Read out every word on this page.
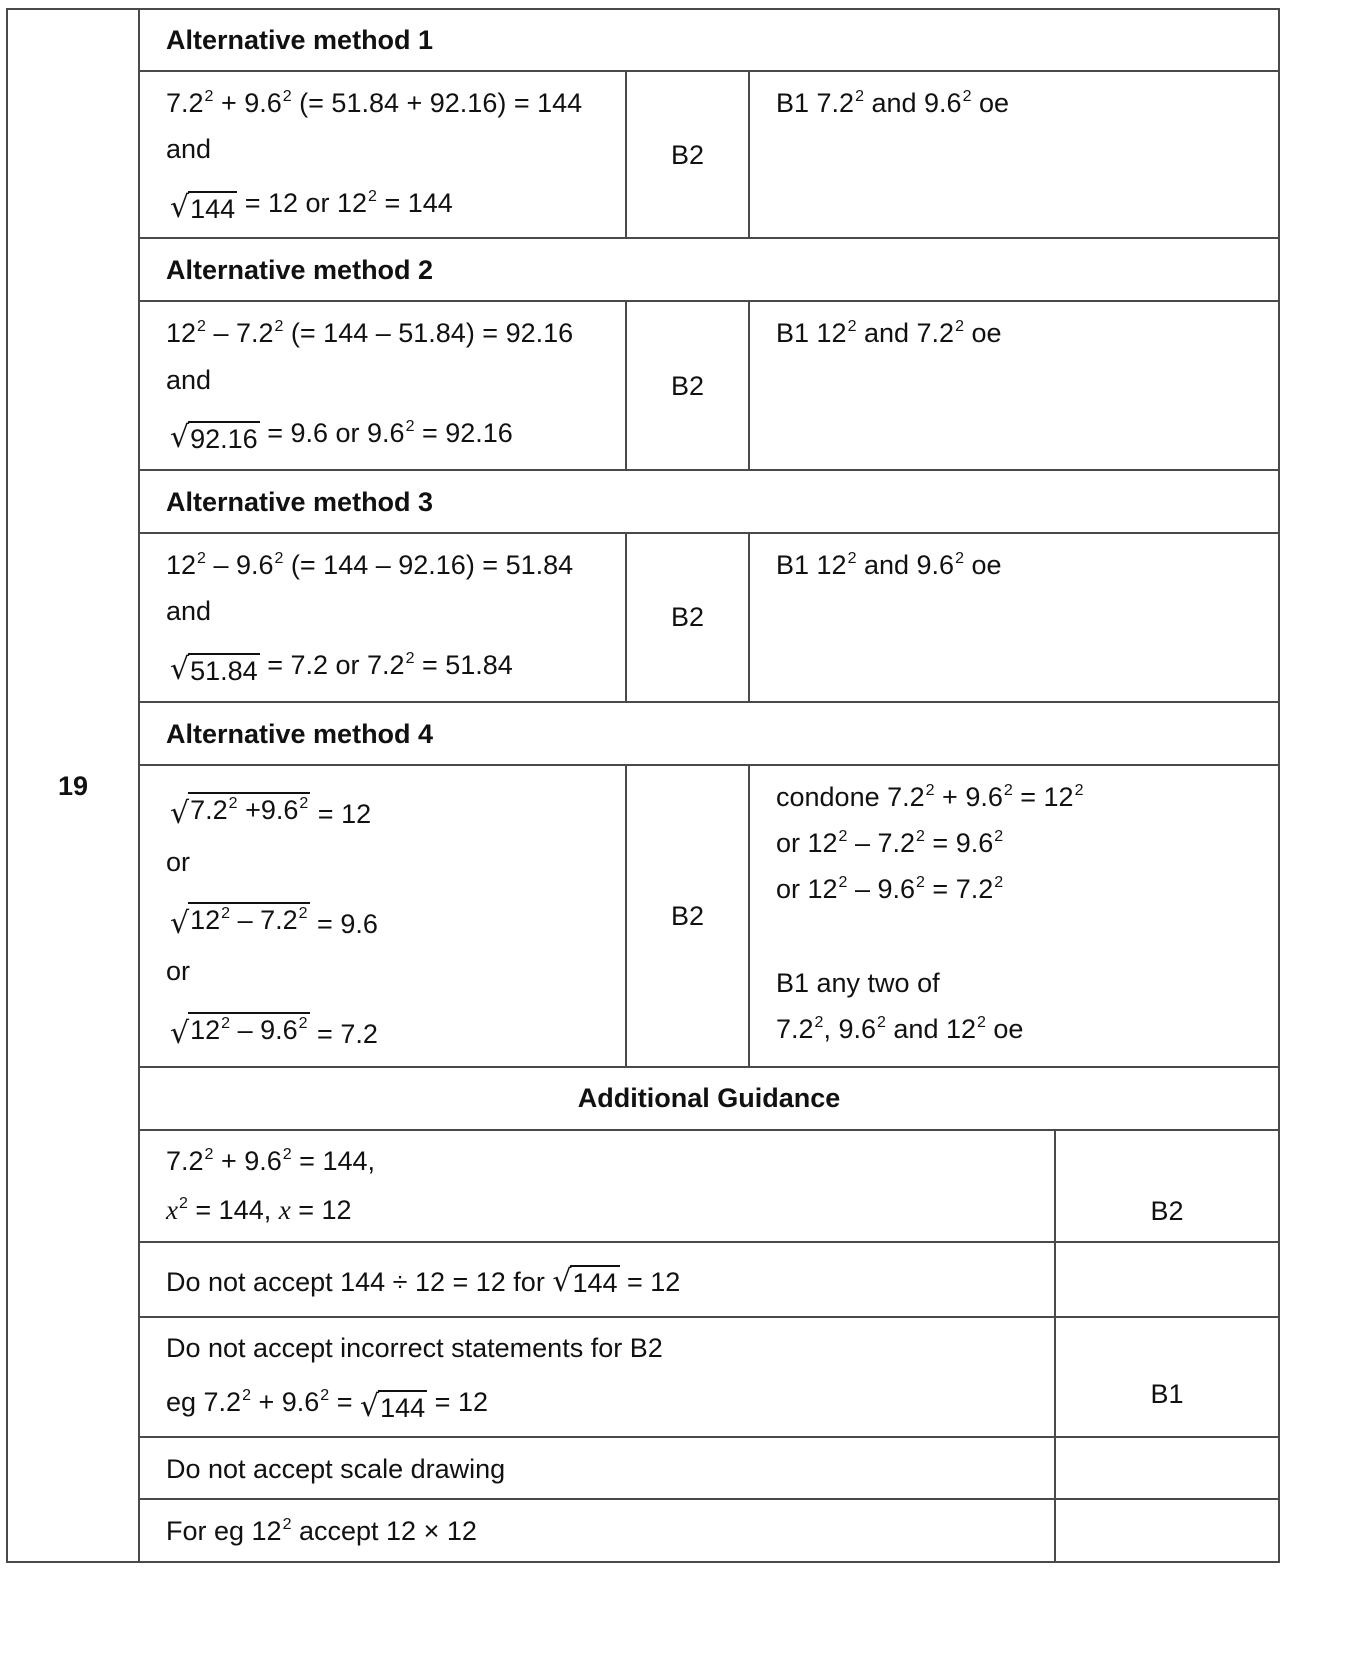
19
Alternative method 1
$7.2^2 + 9.6^2$ (= 51.84 + 92.16) = 144
and
√ 144 = 12 or $12^2 = 144$
B2
B1 $7.2^2$ and $9.6^2$ oe
Alternative method 2
$12^2 - 7.2^2$ (= 144 – 51.84) = 92.16
and
√ 92.16 = 9.6 or $9.6^2 = 92.16$
B2
B1 $12^2$ and $7.2^2$ oe
Alternative method 3
$12^2 - 9.6^2$ (= 144 – 92.16) = 51.84
and
√ 51.84 = 7.2 or $7.2^2 = 51.84$
B2
B1 $12^2$ and $9.6^2$ oe
Alternative method 4
√ $7.2^2 +9.6^2 = 12$
or
√ $12^2 - 7.2^2 = 9.6$
or
√ $12^2 - 9.6^2 = 7.2$
B2
condone $7.2^2 + 9.6^2 = 12^2$
or $12^2 - 7.2^2 = 9.6^2$
or $12^2 - 9.6^2 = 7.2^2$
B1 any two of
$7.2^2$, $9.6^2$ and $12^2$ oe
Additional Guidance
$7.2^2 + 9.6^2 = 144$,
$x^2 = 144$, x = 12	B2
Do not accept 144 ÷ 12 = 12 for √ 144 = 12
Do not accept incorrect statements for B2
eg $7.2^2 + 9.6^2$ = √ 144 = 12	B1
Do not accept scale drawing
For eg $12^2$ accept 12 × 12
